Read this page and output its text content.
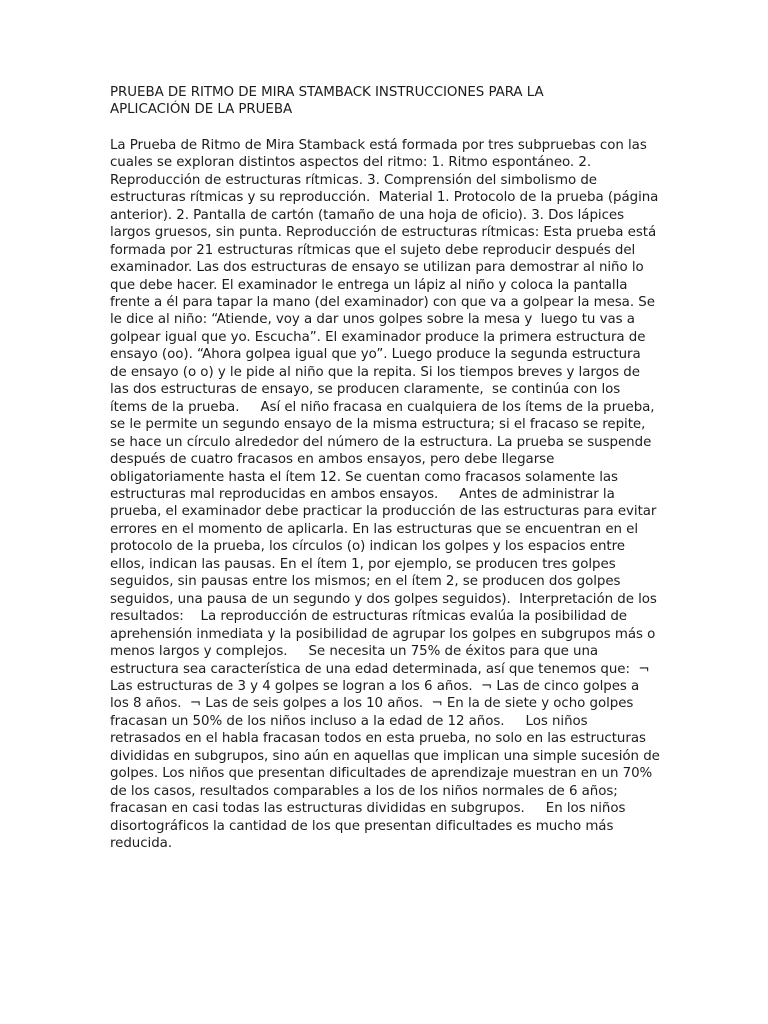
PRUEBA DE RITMO DE MIRA STAMBACK INSTRUCCIONES PARA LA APLICACIÓN DE LA PRUEBA

La Prueba de Ritmo de Mira Stamback está formada por tres subpruebas con las cuales se exploran distintos aspectos del ritmo: 1. Ritmo espontáneo. 2. Reproducción de estructuras rítmicas. 3. Comprensión del simbolismo de estructuras rítmicas y su reproducción.  Material 1. Protocolo de la prueba (página anterior). 2. Pantalla de cartón (tamaño de una hoja de oficio). 3. Dos lápices largos gruesos, sin punta. Reproducción de estructuras rítmicas: Esta prueba está formada por 21 estructuras rítmicas que el sujeto debe reproducir después del examinador. Las dos estructuras de ensayo se utilizan para demostrar al niño lo que debe hacer. El examinador le entrega un lápiz al niño y coloca la pantalla frente a él para tapar la mano (del examinador) con que va a golpear la mesa. Se le dice al niño: “Atiende, voy a dar unos golpes sobre la mesa y  luego tu vas a golpear igual que yo. Escucha”. El examinador produce la primera estructura de ensayo (oo). “Ahora golpea igual que yo”. Luego produce la segunda estructura de ensayo (o o) y le pide al niño que la repita. Si los tiempos breves y largos de las dos estructuras de ensayo, se producen claramente,  se continúa con los ítems de la prueba.     Así el niño fracasa en cualquiera de los ítems de la prueba, se le permite un segundo ensayo de la misma estructura; si el fracaso se repite, se hace un círculo alrededor del número de la estructura. La prueba se suspende después de cuatro fracasos en ambos ensayos, pero debe llegarse obligatoriamente hasta el ítem 12. Se cuentan como fracasos solamente las estructuras mal reproducidas en ambos ensayos.     Antes de administrar la prueba, el examinador debe practicar la producción de las estructuras para evitar errores en el momento de aplicarla. En las estructuras que se encuentran en el protocolo de la prueba, los círculos (o) indican los golpes y los espacios entre ellos, indican las pausas. En el ítem 1, por ejemplo, se producen tres golpes seguidos, sin pausas entre los mismos; en el ítem 2, se producen dos golpes seguidos, una pausa de un segundo y dos golpes seguidos).  Interpretación de los resultados:    La reproducción de estructuras rítmicas evalúa la posibilidad de aprehensión inmediata y la posibilidad de agrupar los golpes en subgrupos más o menos largos y complejos.     Se necesita un 75% de éxitos para que una estructura sea característica de una edad determinada, así que tenemos que:  ¬ Las estructuras de 3 y 4 golpes se logran a los 6 años.  ¬ Las de cinco golpes a los 8 años.  ¬ Las de seis golpes a los 10 años.  ¬ En la de siete y ocho golpes fracasan un 50% de los niños incluso a la edad de 12 años.     Los niños retrasados en el habla fracasan todos en esta prueba, no solo en las estructuras divididas en subgrupos, sino aún en aquellas que implican una simple sucesión de golpes. Los niños que presentan dificultades de aprendizaje muestran en un 70% de los casos, resultados comparables a los de los niños normales de 6 años; fracasan en casi todas las estructuras divididas en subgrupos.     En los niños disortográficos la cantidad de los que presentan dificultades es mucho más reducida.
